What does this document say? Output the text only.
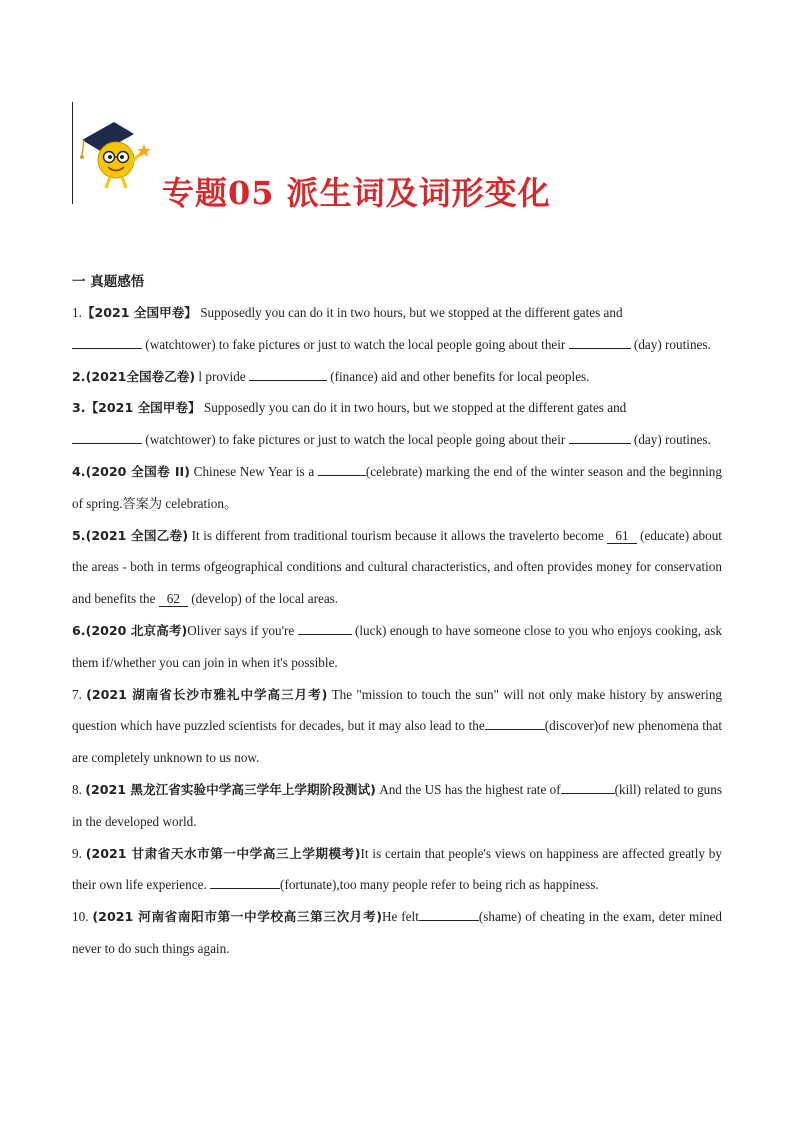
专题05 派生词及词形变化
一 真题感悟

1.【2021 全国甲卷】 Supposedly you can do it in two hours, but we stopped at the different gates and
(watchtower) to fake pictures or just to watch the local people going about their	(day) routines.

2.(2021全国卷乙卷) l provide	(finance) aid and other benefits for local peoples.

3.【2021 全国甲卷】 Supposedly you can do it in two hours, but we stopped at the different gates and
(watchtower) to fake pictures or just to watch the local people going about their	(day) routines.

4.(2020 全国卷 II) Chinese New Year is a	(celebrate) marking the end of the winter season and the beginning of spring.答案为 celebration。

5.(2021 全国乙卷) It is different from traditional tourism because it allows the travelerto become 61 (educate) about the areas - both in terms ofgeographical conditions and cultural characteristics, and often provides money for conservation and benefits the 62 (develop) of the local areas.

6.(2020 北京高考)Oliver says if you're	(luck) enough to have someone close to you who enjoys cooking, ask them if/whether you can join in when it's possible.

7. (2021 湖南省长沙市雅礼中学高三月考) The "mission to touch the sun" will not only make history by answering question which have puzzled scientists for decades, but it may also lead to the	(discover)of new phenomena that are completely unknown to us now.

8. (2021 黑龙江省实验中学高三学年上学期阶段测试) And the US has the highest rate of	(kill) related to guns in the developed world.

9. (2021 甘肃省天水市第一中学高三上学期模考)It is certain that people's views on happiness are affected greatly by their own life experience.	(fortunate),too many people refer to being rich as happiness.

10. (2021 河南省南阳市第一中学校高三第三次月考)He felt	(shame) of cheating in the exam, deter mined never to do such things again.
